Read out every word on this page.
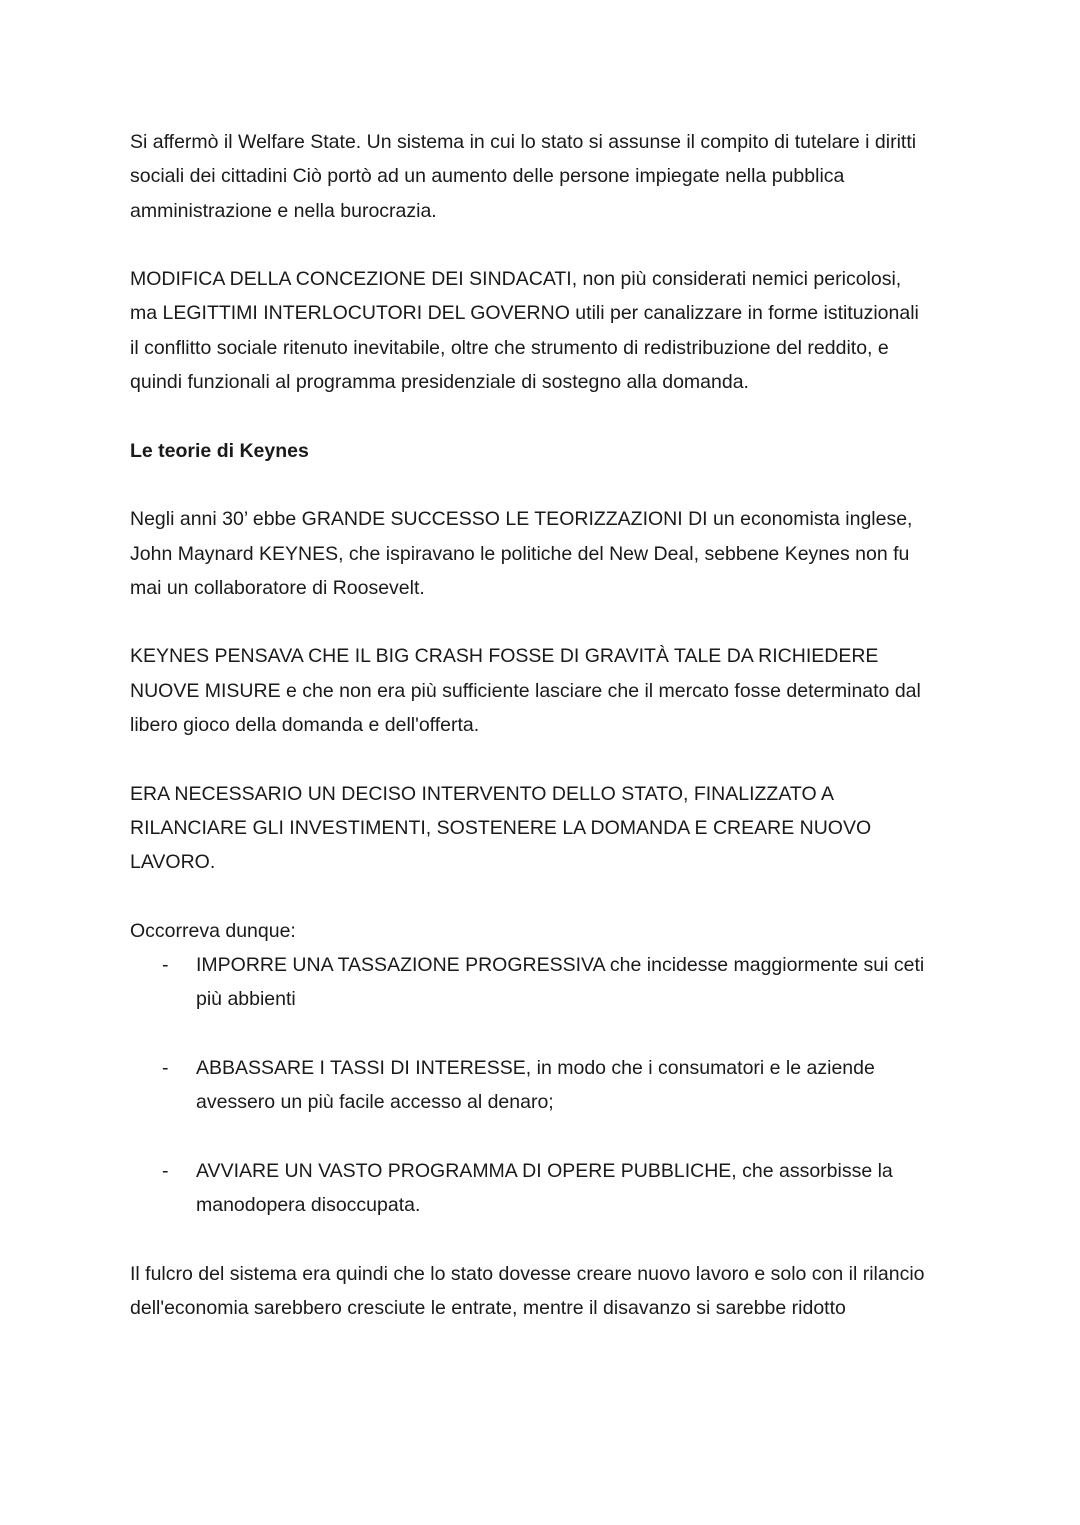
Si affermò il Welfare State. Un sistema in cui lo stato si assunse il compito di tutelare i diritti
sociali dei cittadini Ciò portò ad un aumento delle persone impiegate nella pubblica
amministrazione e nella burocrazia.

MODIFICA DELLA CONCEZIONE DEI SINDACATI, non più considerati nemici pericolosi,
ma LEGITTIMI INTERLOCUTORI DEL GOVERNO utili per canalizzare in forme istituzionali
il conflitto sociale ritenuto inevitabile, oltre che strumento di redistribuzione del reddito, e
quindi funzionali al programma presidenziale di sostegno alla domanda.

Le teorie di Keynes

Negli anni 30’ ebbe GRANDE SUCCESSO LE TEORIZZAZIONI DI un economista inglese,
John Maynard KEYNES, che ispiravano le politiche del New Deal, sebbene Keynes non fu
mai un collaboratore di Roosevelt.

KEYNES PENSAVA CHE IL BIG CRASH FOSSE DI GRAVITÀ TALE DA RICHIEDERE
NUOVE MISURE e che non era più sufficiente lasciare che il mercato fosse determinato dal
libero gioco della domanda e dell'offerta.

ERA NECESSARIO UN DECISO INTERVENTO DELLO STATO, FINALIZZATO A
RILANCIARE GLI INVESTIMENTI, SOSTENERE LA DOMANDA E CREARE NUOVO
LAVORO.

Occorreva dunque:

- IMPORRE UNA TASSAZIONE PROGRESSIVA che incidesse maggiormente sui ceti
più abbienti
- ABBASSARE I TASSI DI INTERESSE, in modo che i consumatori e le aziende
avessero un più facile accesso al denaro;
- AVVIARE UN VASTO PROGRAMMA DI OPERE PUBBLICHE, che assorbisse la
manodopera disoccupata.

Il fulcro del sistema era quindi che lo stato dovesse creare nuovo lavoro e solo con il rilancio
dell'economia sarebbero cresciute le entrate, mentre il disavanzo si sarebbe ridotto
